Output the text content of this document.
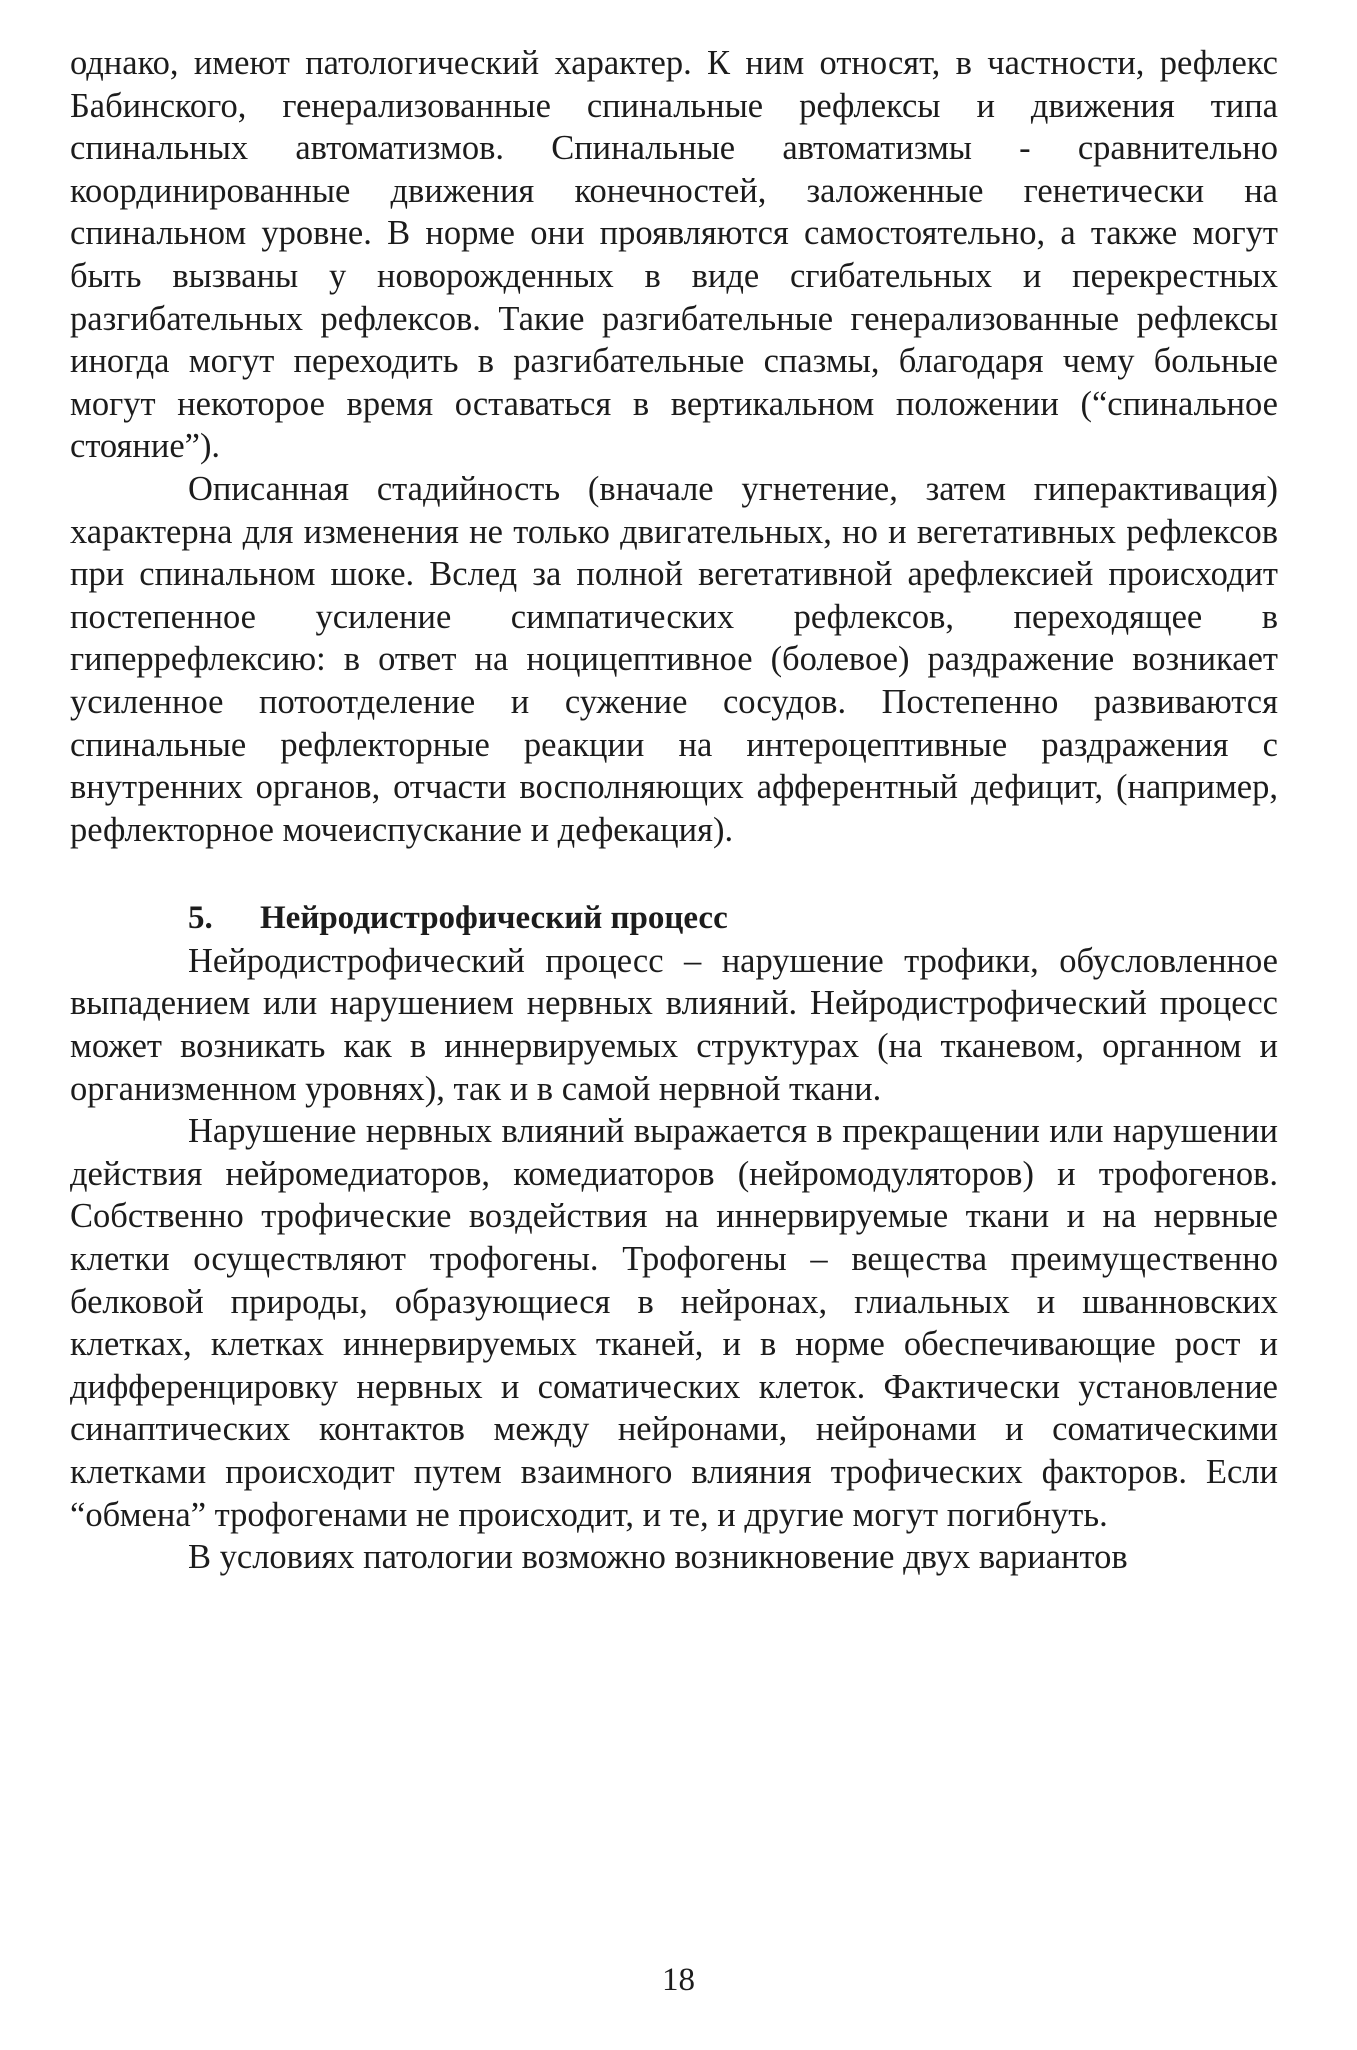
однако, имеют патологический характер. К ним относят, в частности, рефлекс Бабинского, генерализованные спинальные рефлексы и движения типа спинальных автоматизмов. Спинальные автоматизмы - сравнительно координированные движения конечностей, заложенные генетически на спинальном уровне. В норме они проявляются самостоятельно, а также могут быть вызваны у новорожденных в виде сгибательных и перекрестных разгибательных рефлексов. Такие разгибательные генерализованные рефлексы иногда могут переходить в разгибательные спазмы, благодаря чему больные могут некоторое время оставаться в вертикальном положении (“спинальное стояние”).

Описанная стадийность (вначале угнетение, затем гиперактивация) характерна для изменения не только двигательных, но и вегетативных рефлексов при спинальном шоке. Вслед за полной вегетативной арефлексией происходит постепенное усиление симпатических рефлексов, переходящее в гиперрефлексию: в ответ на ноцицептивное (болевое) раздражение возникает усиленное потоотделение и сужение сосудов. Постепенно развиваются спинальные рефлекторные реакции на интероцептивные раздражения с внутренних органов, отчасти восполняющих афферентный дефицит, (например, рефлекторное мочеиспускание и дефекация).

5. Нейродистрофический процесс

Нейродистрофический процесс – нарушение трофики, обусловленное выпадением или нарушением нервных влияний. Нейродистрофический процесс может возникать как в иннервируемых структурах (на тканевом, органном и организменном уровнях), так и в самой нервной ткани.

Нарушение нервных влияний выражается в прекращении или нарушении действия нейромедиаторов, комедиаторов (нейромодуляторов) и трофогенов. Собственно трофические воздействия на иннервируемые ткани и на нервные клетки осуществляют трофогены. Трофогены – вещества преимущественно белковой природы, образующиеся в нейронах, глиальных и шванновских клетках, клетках иннервируемых тканей, и в норме обеспечивающие рост и дифференцировку нервных и соматических клеток. Фактически установление синаптических контактов между нейронами, нейронами и соматическими клетками происходит путем взаимного влияния трофических факторов. Если “обмена” трофогенами не происходит, и те, и другие могут погибнуть.

В условиях патологии возможно возникновение двух вариантов

18
